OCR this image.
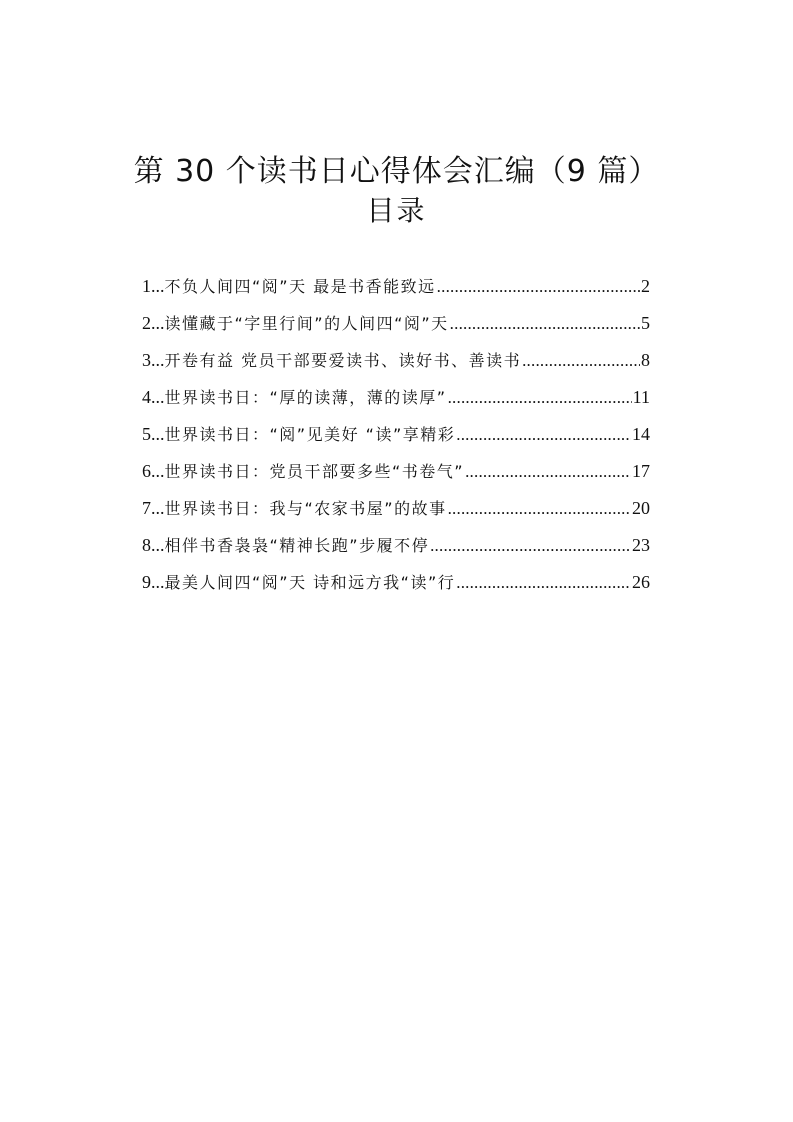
第 30 个读书日心得体会汇编（9 篇）
目录
1... 不负人间四“阅”天 最是书香能致远 .....	2
2... 读懂藏于“字里行间”的人间四“阅”天 .....	5
3... 开卷有益 党员干部要爱读书、读好书、善读书 .....	8
4... 世界读书日：“厚的读薄，薄的读厚” .....	11
5... 世界读书日：“阅”见美好 “读”享精彩 .....	14
6... 世界读书日：党员干部要多些“书卷气” .....	17
7... 世界读书日：我与“农家书屋”的故事 .....	20
8... 相伴书香袅袅“精神长跑”步履不停 .....	23
9... 最美人间四“阅”天 诗和远方我“读”行 .....	26
